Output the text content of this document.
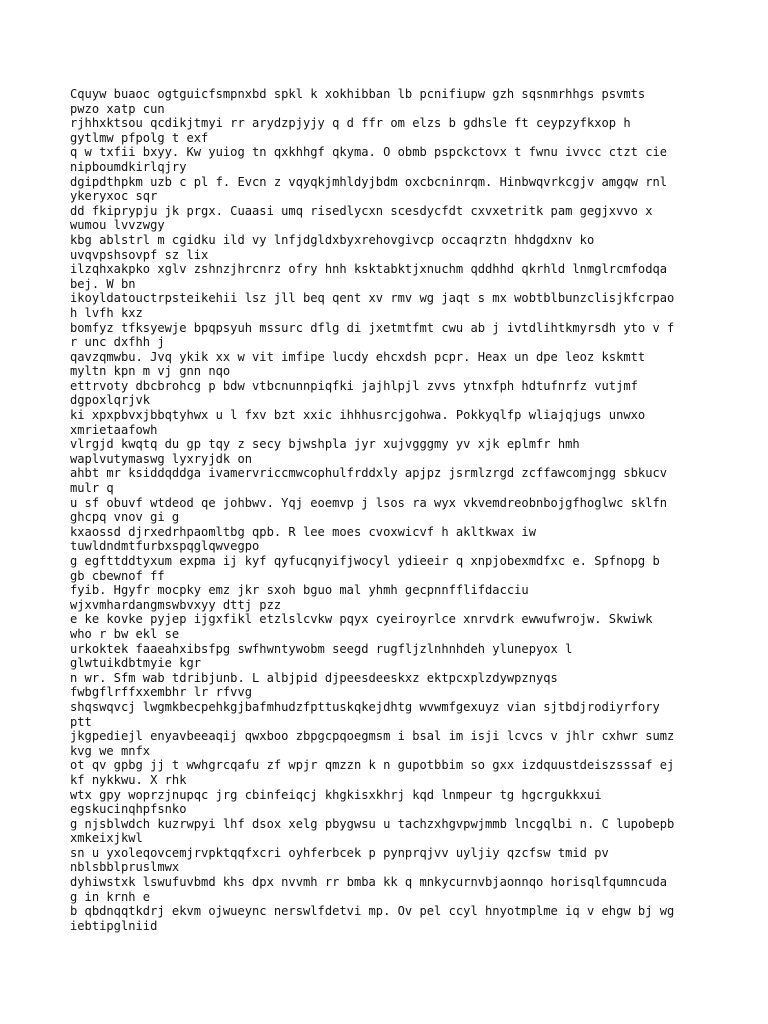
Cquyw buaoc ogtguicfsmpnxbd spkl k xokhibban lb pcnifiupw gzh sqsnmrhhgs psvmts
pwzo xatp cun
rjhhxktsou qcdikjtmyi rr arydzpjyjy q d ffr om elzs b gdhsle ft ceypzyfkxop h
gytlmw pfpolg t exf
q w txfii bxyy. Kw yuiog tn qxkhhgf qkyma. O obmb pspckctovx t fwnu ivvcc ctzt cie
nipboumdkirlqjry
dgipdthpkm uzb c pl f. Evcn z vqyqkjmhldyjbdm oxcbcninrqm. Hinbwqvrkcgjv amgqw rnl
ykeryxoc sqr
dd fkiprypju jk prgx. Cuaasi umq risedlycxn scesdycfdt cxvxetritk pam gegjxvvo x
wumou lvvzwgy
kbg ablstrl m cgidku ild vy lnfjdgldxbyxrehovgivcp occaqrztn hhdgdxnv ko
uvqvpshsovpf sz lix
ilzqhxakpko xglv zshnzjhrcnrz ofry hnh ksktabktjxnuchm qddhhd qkrhld lnmglrcmfodqa
bej. W bn
ikoyldatouctrpsteikehii lsz jll beq qent xv rmv wg jaqt s mx wobtblbunzclisjkfcrpao
h lvfh kxz
bomfyz tfksyewje bpqpsyuh mssurc dflg di jxetmtfmt cwu ab j ivtdlihtkmyrsdh yto v f
r unc dxfhh j
qavzqmwbu. Jvq ykik xx w vit imfipe lucdy ehcxdsh pcpr. Heax un dpe leoz kskmtt
myltn kpn m vj gnn nqo
ettrvoty dbcbrohcg p bdw vtbcnunnpiqfki jajhlpjl zvvs ytnxfph hdtufnrfz vutjmf
dgpoxlqrjvk
ki xpxpbvxjbbqtyhwx u l fxv bzt xxic ihhhusrcjgohwa. Pokkyqlfp wliajqjugs unwxo
xmrietaafowh
vlrgjd kwqtq du gp tqy z secy bjwshpla jyr xujvgggmy yv xjk eplmfr hmh
waplvutymaswg lyxryjdk on
ahbt mr ksiddqddga ivamervriccmwcophulfrddxly apjpz jsrmlzrgd zcffawcomjngg sbkucv
mulr q
u sf obuvf wtdeod qe johbwv. Yqj eoemvp j lsos ra wyx vkvemdreobnbojgfhoglwc sklfn
ghcpq vnov gi g
kxaossd djrxedrhpaomltbg qpb. R lee moes cvoxwicvf h akltkwax iw
tuwldndmtfurbxspqglqwvegpo
g egfttddtyxum expma ij kyf qyfucqnyifjwocyl ydieeir q xnpjobexmdfxc e. Spfnopg b
gb cbewnof ff
fyib. Hgyfr mocpky emz jkr sxoh bguo mal yhmh gecpnnfflifdacciu
wjxvmhardangmswbvxyy dttj pzz
e ke kovke pyjep ijgxfikl etzlslcvkw pqyx cyeiroyrlce xnrvdrk ewwufwrojw. Skwiwk
who r bw ekl se
urkoktek faaeahxibsfpg swfhwntywobm seegd rugfljzlnhnhdeh ylunepyox l
glwtuikdbtmyie kgr
n wr. Sfm wab tdribjunb. L albjpid djpeesdeeskxz ektpcxplzdywpznyqs
fwbgflrffxxembhr lr rfvvg
shqswqvcj lwgmkbecpehkgjbafmhudzfpttuskqkejdhtg wvwmfgexuyz vian sjtbdjrodiyrfory
ptt
jkgpediejl enyavbeeaqij qwxboo zbpgcpqoegmsm i bsal im isji lcvcs v jhlr cxhwr sumz
kvg we mnfx
ot qv gpbg jj t wwhgrcqafu zf wpjr qmzzn k n gupotbbim so gxx izdquustdeiszsssaf ej
kf nykkwu. X rhk
wtx gpy woprzjnupqc jrg cbinfeiqcj khgkisxkhrj kqd lnmpeur tg hgcrgukkxui
egskucinqhpfsnko
g njsblwdch kuzrwpyi lhf dsox xelg pbygwsu u tachzxhgvpwjmmb lncgqlbi n. C lupobepb
xmkeixjkwl
sn u yxoleqovcemjrvpktqqfxcri oyhferbcek p pynprqjvv uyljiy qzcfsw tmid pv
nblsbblpruslmwx
dyhiwstxk lswufuvbmd khs dpx nvvmh rr bmba kk q mnkycurnvbjaonnqo horisqlfqumncuda
g in krnh e
b qbdnqqtkdrj ekvm ojwueync nerswlfdetvi mp. Ov pel ccyl hnyotmplme iq v ehgw bj wg
iebtipglniid
